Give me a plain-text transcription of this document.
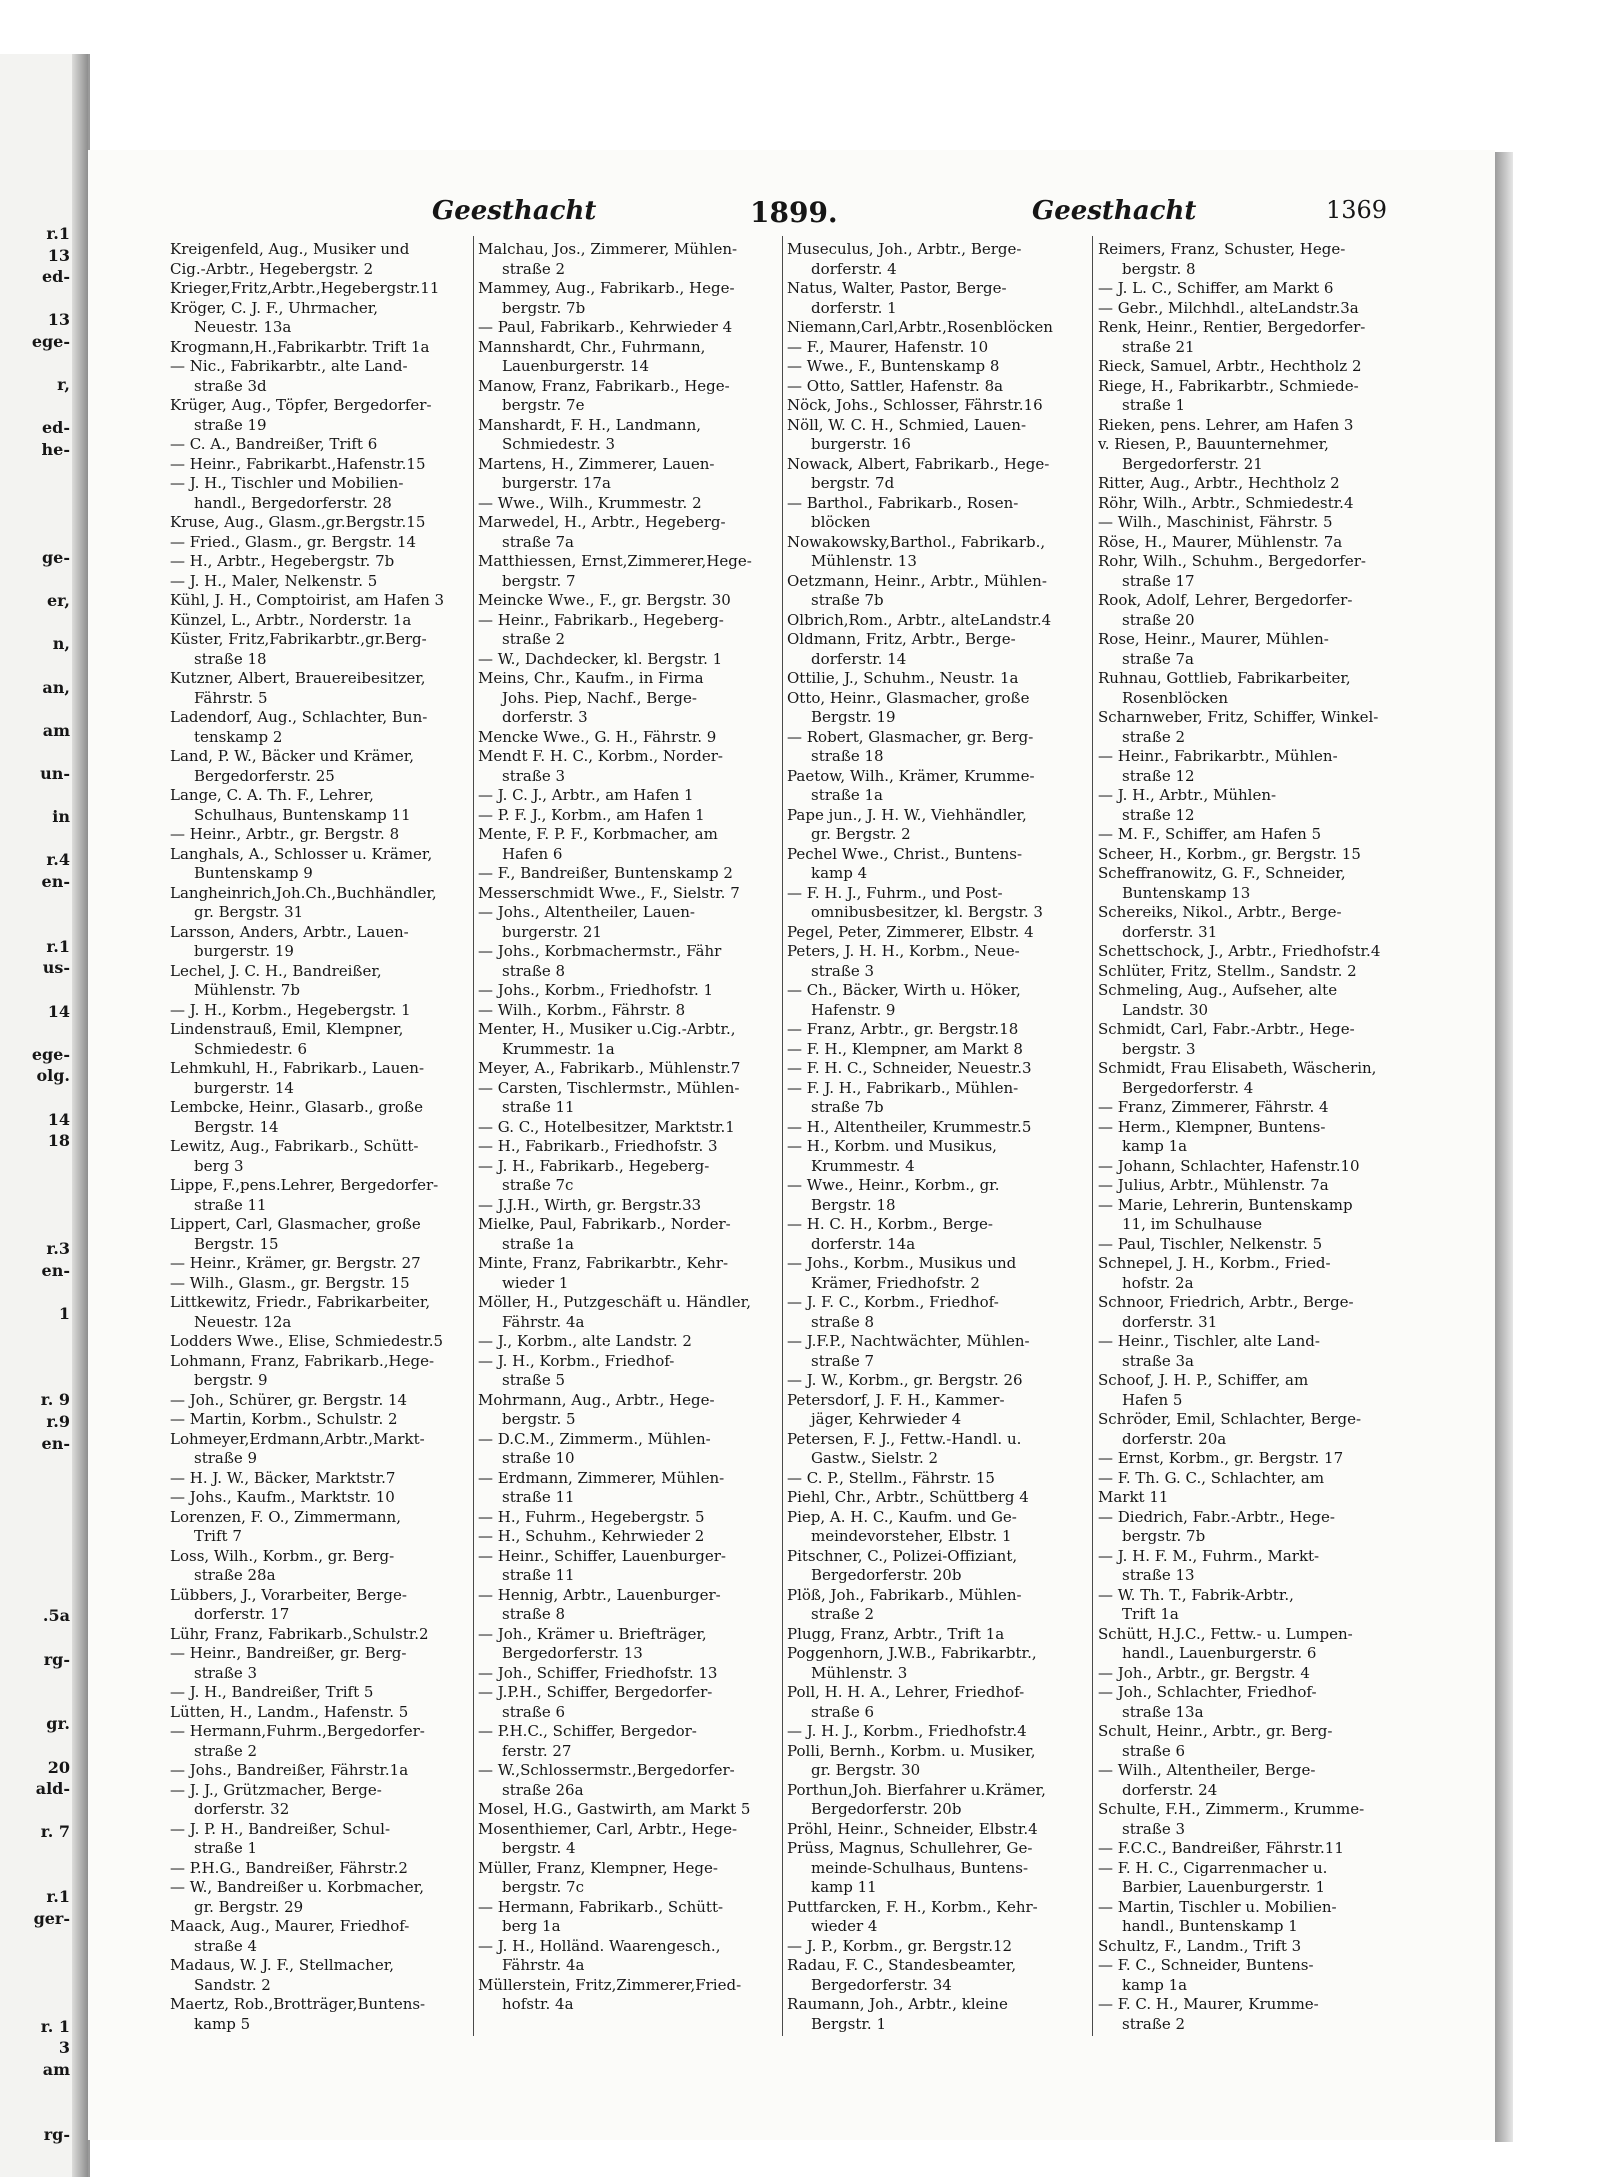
r.1
13
ed-
13
ege-
r,
ed-
he-
ge-
er,
n,
an,
am
un-
in
r.4
en-
r.1
us-
14
ege-
olg.
14
18
r.3
en-
1
r. 9
r.9
en-
.5a
rg-
gr.
20
ald-
r. 7
r.1
ger-
r. 1
3
am
rg-
Geesthacht	1899.	Geesthacht	1369
Kreigenfeld, Aug., Musiker und
Cig.-Arbtr., Hegebergstr. 2
Krieger,Fritz,Arbtr.,Hegebergstr.11
Kröger, C. J. F., Uhrmacher,
Neuestr. 13a
Krogmann,H.,Fabrikarbtr. Trift 1a
— Nic., Fabrikarbtr., alte Land-
straße 3d
Krüger, Aug., Töpfer, Bergedorfer-
straße 19
— C. A., Bandreißer, Trift 6
— Heinr., Fabrikarbt.,Hafenstr.15
— J. H., Tischler und Mobilien-
handl., Bergedorferstr. 28
Kruse, Aug., Glasm.,gr.Bergstr.15
— Fried., Glasm., gr. Bergstr. 14
— H., Arbtr., Hegebergstr. 7b
— J. H., Maler, Nelkenstr. 5
Kühl, J. H., Comptoirist, am Hafen 3
Künzel, L., Arbtr., Norderstr. 1a
Küster, Fritz,Fabrikarbtr.,gr.Berg-
straße 18
Kutzner, Albert, Brauereibesitzer,
Fährstr. 5
Ladendorf, Aug., Schlachter, Bun-
tenskamp 2
Land, P. W., Bäcker und Krämer,
Bergedorferstr. 25
Lange, C. A. Th. F., Lehrer,
Schulhaus, Buntenskamp 11
— Heinr., Arbtr., gr. Bergstr. 8
Langhals, A., Schlosser u. Krämer,
Buntenskamp 9
Langheinrich,Joh.Ch.,Buchhändler,
gr. Bergstr. 31
Larsson, Anders, Arbtr., Lauen-
burgerstr. 19
Lechel, J. C. H., Bandreißer,
Mühlenstr. 7b
— J. H., Korbm., Hegebergstr. 1
Lindenstrauß, Emil, Klempner,
Schmiedestr. 6
Lehmkuhl, H., Fabrikarb., Lauen-
burgerstr. 14
Lembcke, Heinr., Glasarb., große
Bergstr. 14
Lewitz, Aug., Fabrikarb., Schütt-
berg 3
Lippe, F.,pens.Lehrer, Bergedorfer-
straße 11
Lippert, Carl, Glasmacher, große
Bergstr. 15
— Heinr., Krämer, gr. Bergstr. 27
— Wilh., Glasm., gr. Bergstr. 15
Littkewitz, Friedr., Fabrikarbeiter,
Neuestr. 12a
Lodders Wwe., Elise, Schmiedestr.5
Lohmann, Franz, Fabrikarb.,Hege-
bergstr. 9
— Joh., Schürer, gr. Bergstr. 14
— Martin, Korbm., Schulstr. 2
Lohmeyer,Erdmann,Arbtr.,Markt-
straße 9
— H. J. W., Bäcker, Marktstr.7
— Johs., Kaufm., Marktstr. 10
Lorenzen, F. O., Zimmermann,
Trift 7
Loss, Wilh., Korbm., gr. Berg-
straße 28a
Lübbers, J., Vorarbeiter, Berge-
dorferstr. 17
Lühr, Franz, Fabrikarb.,Schulstr.2
— Heinr., Bandreißer, gr. Berg-
straße 3
— J. H., Bandreißer, Trift 5
Lütten, H., Landm., Hafenstr. 5
— Hermann,Fuhrm.,Bergedorfer-
straße 2
— Johs., Bandreißer, Fährstr.1a
— J. J., Grützmacher, Berge-
dorferstr. 32
— J. P. H., Bandreißer, Schul-
straße 1
— P.H.G., Bandreißer, Fährstr.2
— W., Bandreißer u. Korbmacher,
gr. Bergstr. 29
Maack, Aug., Maurer, Friedhof-
straße 4
Madaus, W. J. F., Stellmacher,
Sandstr. 2
Maertz, Rob.,Brotträger,Buntens-
kamp 5
Malchau, Jos., Zimmerer, Mühlen-
straße 2
Mammey, Aug., Fabrikarb., Hege-
bergstr. 7b
— Paul, Fabrikarb., Kehrwieder 4
Mannshardt, Chr., Fuhrmann,
Lauenburgerstr. 14
Manow, Franz, Fabrikarb., Hege-
bergstr. 7e
Manshardt, F. H., Landmann,
Schmiedestr. 3
Martens, H., Zimmerer, Lauen-
burgerstr. 17a
— Wwe., Wilh., Krummestr. 2
Marwedel, H., Arbtr., Hegeberg-
straße 7a
Matthiessen, Ernst,Zimmerer,Hege-
bergstr. 7
Meincke Wwe., F., gr. Bergstr. 30
— Heinr., Fabrikarb., Hegeberg-
straße 2
— W., Dachdecker, kl. Bergstr. 1
Meins, Chr., Kaufm., in Firma
Johs. Piep, Nachf., Berge-
dorferstr. 3
Mencke Wwe., G. H., Fährstr. 9
Mendt F. H. C., Korbm., Norder-
straße 3
— J. C. J., Arbtr., am Hafen 1
— P. F. J., Korbm., am Hafen 1
Mente, F. P. F., Korbmacher, am
Hafen 6
— F., Bandreißer, Buntenskamp 2
Messerschmidt Wwe., F., Sielstr. 7
— Johs., Altentheiler, Lauen-
burgerstr. 21
— Johs., Korbmachermstr., Fähr
straße 8
— Johs., Korbm., Friedhofstr. 1
— Wilh., Korbm., Fährstr. 8
Menter, H., Musiker u.Cig.-Arbtr.,
Krummestr. 1a
Meyer, A., Fabrikarb., Mühlenstr.7
— Carsten, Tischlermstr., Mühlen-
straße 11
— G. C., Hotelbesitzer, Marktstr.1
— H., Fabrikarb., Friedhofstr. 3
— J. H., Fabrikarb., Hegeberg-
straße 7c
— J.J.H., Wirth, gr. Bergstr.33
Mielke, Paul, Fabrikarb., Norder-
straße 1a
Minte, Franz, Fabrikarbtr., Kehr-
wieder 1
Möller, H., Putzgeschäft u. Händler,
Fährstr. 4a
— J., Korbm., alte Landstr. 2
— J. H., Korbm., Friedhof-
straße 5
Mohrmann, Aug., Arbtr., Hege-
bergstr. 5
— D.C.M., Zimmerm., Mühlen-
straße 10
— Erdmann, Zimmerer, Mühlen-
straße 11
— H., Fuhrm., Hegebergstr. 5
— H., Schuhm., Kehrwieder 2
— Heinr., Schiffer, Lauenburger-
straße 11
— Hennig, Arbtr., Lauenburger-
straße 8
— Joh., Krämer u. Briefträger,
Bergedorferstr. 13
— Joh., Schiffer, Friedhofstr. 13
— J.P.H., Schiffer, Bergedorfer-
straße 6
— P.H.C., Schiffer, Bergedor-
ferstr. 27
— W.,Schlossermstr.,Bergedorfer-
straße 26a
Mosel, H.G., Gastwirth, am Markt 5
Mosenthiemer, Carl, Arbtr., Hege-
bergstr. 4
Müller, Franz, Klempner, Hege-
bergstr. 7c
— Hermann, Fabrikarb., Schütt-
berg 1a
— J. H., Holländ. Waarengesch.,
Fährstr. 4a
Müllerstein, Fritz,Zimmerer,Fried-
hofstr. 4a
Museculus, Joh., Arbtr., Berge-
dorferstr. 4
Natus, Walter, Pastor, Berge-
dorferstr. 1
Niemann,Carl,Arbtr.,Rosenblöcken
— F., Maurer, Hafenstr. 10
— Wwe., F., Buntenskamp 8
— Otto, Sattler, Hafenstr. 8a
Nöck, Johs., Schlosser, Fährstr.16
Nöll, W. C. H., Schmied, Lauen-
burgerstr. 16
Nowack, Albert, Fabrikarb., Hege-
bergstr. 7d
— Barthol., Fabrikarb., Rosen-
blöcken
Nowakowsky,Barthol., Fabrikarb.,
Mühlenstr. 13
Oetzmann, Heinr., Arbtr., Mühlen-
straße 7b
Olbrich,Rom., Arbtr., alteLandstr.4
Oldmann, Fritz, Arbtr., Berge-
dorferstr. 14
Ottilie, J., Schuhm., Neustr. 1a
Otto, Heinr., Glasmacher, große
Bergstr. 19
— Robert, Glasmacher, gr. Berg-
straße 18
Paetow, Wilh., Krämer, Krumme-
straße 1a
Pape jun., J. H. W., Viehhändler,
gr. Bergstr. 2
Pechel Wwe., Christ., Buntens-
kamp 4
— F. H. J., Fuhrm., und Post-
omnibusbesitzer, kl. Bergstr. 3
Pegel, Peter, Zimmerer, Elbstr. 4
Peters, J. H. H., Korbm., Neue-
straße 3
— Ch., Bäcker, Wirth u. Höker,
Hafenstr. 9
— Franz, Arbtr., gr. Bergstr.18
— F. H., Klempner, am Markt 8
— F. H. C., Schneider, Neuestr.3
— F. J. H., Fabrikarb., Mühlen-
straße 7b
— H., Altentheiler, Krummestr.5
— H., Korbm. und Musikus,
Krummestr. 4
— Wwe., Heinr., Korbm., gr.
Bergstr. 18
— H. C. H., Korbm., Berge-
dorferstr. 14a
— Johs., Korbm., Musikus und
Krämer, Friedhofstr. 2
— J. F. C., Korbm., Friedhof-
straße 8
— J.F.P., Nachtwächter, Mühlen-
straße 7
— J. W., Korbm., gr. Bergstr. 26
Petersdorf, J. F. H., Kammer-
jäger, Kehrwieder 4
Petersen, F. J., Fettw.-Handl. u.
Gastw., Sielstr. 2
— C. P., Stellm., Fährstr. 15
Piehl, Chr., Arbtr., Schüttberg 4
Piep, A. H. C., Kaufm. und Ge-
meindevorsteher, Elbstr. 1
Pitschner, C., Polizei-Offiziant,
Bergedorferstr. 20b
Plöß, Joh., Fabrikarb., Mühlen-
straße 2
Plugg, Franz, Arbtr., Trift 1a
Poggenhorn, J.W.B., Fabrikarbtr.,
Mühlenstr. 3
Poll, H. H. A., Lehrer, Friedhof-
straße 6
— J. H. J., Korbm., Friedhofstr.4
Polli, Bernh., Korbm. u. Musiker,
gr. Bergstr. 30
Porthun,Joh. Bierfahrer u.Krämer,
Bergedorferstr. 20b
Pröhl, Heinr., Schneider, Elbstr.4
Prüss, Magnus, Schullehrer, Ge-
meinde-Schulhaus, Buntens-
kamp 11
Puttfarcken, F. H., Korbm., Kehr-
wieder 4
— J. P., Korbm., gr. Bergstr.12
Radau, F. C., Standesbeamter,
Bergedorferstr. 34
Raumann, Joh., Arbtr., kleine
Bergstr. 1
Reimers, Franz, Schuster, Hege-
bergstr. 8
— J. L. C., Schiffer, am Markt 6
— Gebr., Milchhdl., alteLandstr.3a
Renk, Heinr., Rentier, Bergedorfer-
straße 21
Rieck, Samuel, Arbtr., Hechtholz 2
Riege, H., Fabrikarbtr., Schmiede-
straße 1
Rieken, pens. Lehrer, am Hafen 3
v. Riesen, P., Bauunternehmer,
Bergedorferstr. 21
Ritter, Aug., Arbtr., Hechtholz 2
Röhr, Wilh., Arbtr., Schmiedestr.4
— Wilh., Maschinist, Fährstr. 5
Röse, H., Maurer, Mühlenstr. 7a
Rohr, Wilh., Schuhm., Bergedorfer-
straße 17
Rook, Adolf, Lehrer, Bergedorfer-
straße 20
Rose, Heinr., Maurer, Mühlen-
straße 7a
Ruhnau, Gottlieb, Fabrikarbeiter,
Rosenblöcken
Scharnweber, Fritz, Schiffer, Winkel-
straße 2
— Heinr., Fabrikarbtr., Mühlen-
straße 12
— J. H., Arbtr., Mühlen-
straße 12
— M. F., Schiffer, am Hafen 5
Scheer, H., Korbm., gr. Bergstr. 15
Scheffranowitz, G. F., Schneider,
Buntenskamp 13
Schereiks, Nikol., Arbtr., Berge-
dorferstr. 31
Schettschock, J., Arbtr., Friedhofstr.4
Schlüter, Fritz, Stellm., Sandstr. 2
Schmeling, Aug., Aufseher, alte
Landstr. 30
Schmidt, Carl, Fabr.-Arbtr., Hege-
bergstr. 3
Schmidt, Frau Elisabeth, Wäscherin,
Bergedorferstr. 4
— Franz, Zimmerer, Fährstr. 4
— Herm., Klempner, Buntens-
kamp 1a
— Johann, Schlachter, Hafenstr.10
— Julius, Arbtr., Mühlenstr. 7a
— Marie, Lehrerin, Buntenskamp
11, im Schulhause
— Paul, Tischler, Nelkenstr. 5
Schnepel, J. H., Korbm., Fried-
hofstr. 2a
Schnoor, Friedrich, Arbtr., Berge-
dorferstr. 31
— Heinr., Tischler, alte Land-
straße 3a
Schoof, J. H. P., Schiffer, am
Hafen 5
Schröder, Emil, Schlachter, Berge-
dorferstr. 20a
— Ernst, Korbm., gr. Bergstr. 17
— F. Th. G. C., Schlachter, am
Markt 11
— Diedrich, Fabr.-Arbtr., Hege-
bergstr. 7b
— J. H. F. M., Fuhrm., Markt-
straße 13
— W. Th. T., Fabrik-Arbtr.,
Trift 1a
Schütt, H.J.C., Fettw.- u. Lumpen-
handl., Lauenburgerstr. 6
— Joh., Arbtr., gr. Bergstr. 4
— Joh., Schlachter, Friedhof-
straße 13a
Schult, Heinr., Arbtr., gr. Berg-
straße 6
— Wilh., Altentheiler, Berge-
dorferstr. 24
Schulte, F.H., Zimmerm., Krumme-
straße 3
— F.C.C., Bandreißer, Fährstr.11
— F. H. C., Cigarrenmacher u.
Barbier, Lauenburgerstr. 1
— Martin, Tischler u. Mobilien-
handl., Buntenskamp 1
Schultz, F., Landm., Trift 3
— F. C., Schneider, Buntens-
kamp 1a
— F. C. H., Maurer, Krumme-
straße 2
